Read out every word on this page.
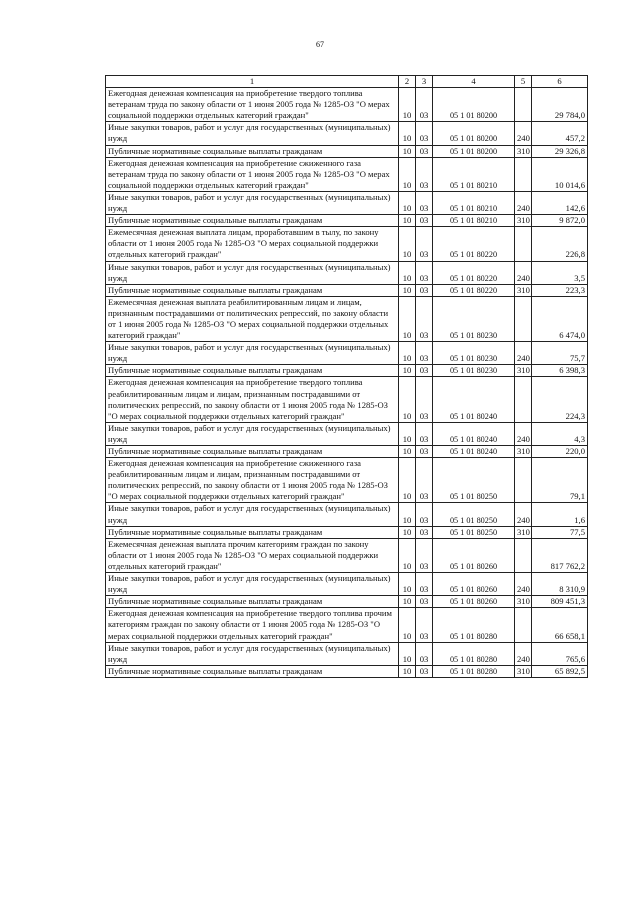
67
1	2	3	4	5	6
Ежегодная денежная компенсация на приобретение твердого топлива ветеранам труда по закону области от 1 июня 2005 года № 1285-ОЗ "О мерах социальной поддержки отдельных категорий граждан"	10	03	05 1 01 80200		29 784,0
Иные закупки товаров, работ и услуг для государственных (муниципальных) нужд	10	03	05 1 01 80200	240	457,2
Публичные нормативные социальные выплаты гражданам	10	03	05 1 01 80200	310	29 326,8
Ежегодная денежная компенсация на приобретение сжиженного газа ветеранам труда по закону области от 1 июня 2005 года № 1285-ОЗ "О мерах социальной поддержки отдельных категорий граждан"	10	03	05 1 01 80210		10 014,6
Иные закупки товаров, работ и услуг для государственных (муниципальных) нужд	10	03	05 1 01 80210	240	142,6
Публичные нормативные социальные выплаты гражданам	10	03	05 1 01 80210	310	9 872,0
Ежемесячная денежная выплата лицам, проработавшим в тылу, по закону области от 1 июня 2005 года № 1285-ОЗ "О мерах социальной поддержки отдельных категорий граждан"	10	03	05 1 01 80220		226,8
Иные закупки товаров, работ и услуг для государственных (муниципальных) нужд	10	03	05 1 01 80220	240	3,5
Публичные нормативные социальные выплаты гражданам	10	03	05 1 01 80220	310	223,3
Ежемесячная денежная выплата реабилитированным лицам и лицам, признанным пострадавшими от политических репрессий, по закону области от 1 июня 2005 года № 1285-ОЗ "О мерах социальной поддержки отдельных категорий граждан"	10	03	05 1 01 80230		6 474,0
Иные закупки товаров, работ и услуг для государственных (муниципальных) нужд	10	03	05 1 01 80230	240	75,7
Публичные нормативные социальные выплаты гражданам	10	03	05 1 01 80230	310	6 398,3
Ежегодная денежная компенсация на приобретение твердого топлива реабилитированным лицам и лицам, признанным пострадавшими от политических репрессий, по закону области от 1 июня 2005 года № 1285-ОЗ "О мерах социальной поддержки отдельных категорий граждан"	10	03	05 1 01 80240		224,3
Иные закупки товаров, работ и услуг для государственных (муниципальных) нужд	10	03	05 1 01 80240	240	4,3
Публичные нормативные социальные выплаты гражданам	10	03	05 1 01 80240	310	220,0
Ежегодная денежная компенсация на приобретение сжиженного газа реабилитированным лицам и лицам, признанным пострадавшими от политических репрессий, по закону области от 1 июня 2005 года № 1285-ОЗ "О мерах социальной поддержки отдельных категорий граждан"	10	03	05 1 01 80250		79,1
Иные закупки товаров, работ и услуг для государственных (муниципальных) нужд	10	03	05 1 01 80250	240	1,6
Публичные нормативные социальные выплаты гражданам	10	03	05 1 01 80250	310	77,5
Ежемесячная денежная выплата прочим категориям граждан по закону области от 1 июня 2005 года № 1285-ОЗ "О мерах социальной поддержки отдельных категорий граждан"	10	03	05 1 01 80260		817 762,2
Иные закупки товаров, работ и услуг для государственных (муниципальных) нужд	10	03	05 1 01 80260	240	8 310,9
Публичные нормативные социальные выплаты гражданам	10	03	05 1 01 80260	310	809 451,3
Ежегодная денежная компенсация на приобретение твердого топлива прочим категориям граждан по закону области от 1 июня 2005 года № 1285-ОЗ "О мерах социальной поддержки отдельных категорий граждан"	10	03	05 1 01 80280		66 658,1
Иные закупки товаров, работ и услуг для государственных (муниципальных) нужд	10	03	05 1 01 80280	240	765,6
Публичные нормативные социальные выплаты гражданам	10	03	05 1 01 80280	310	65 892,5
